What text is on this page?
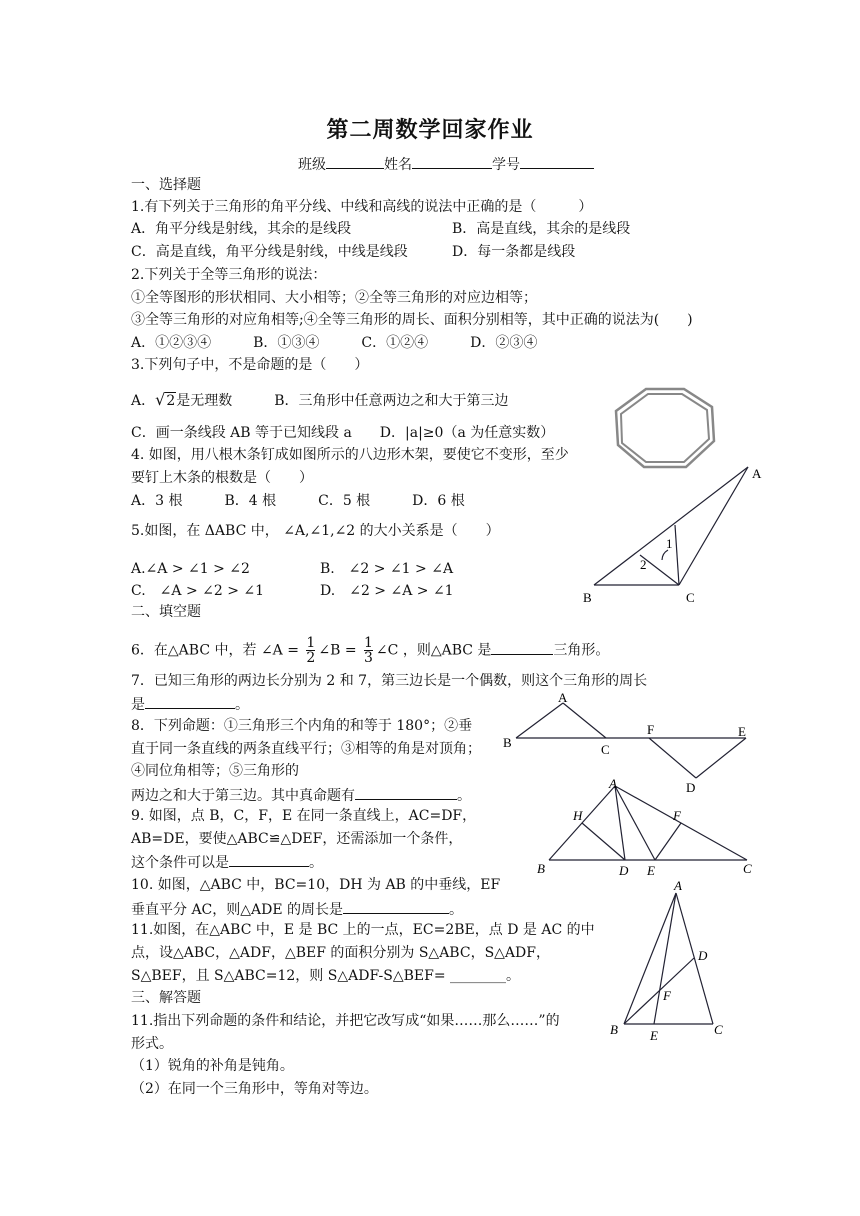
第二周数学回家作业
班级	姓名	学号
一、选择题
1.有下列关于三角形的角平分线、中线和高线的说法中正确的是（　　　）
A．角平分线是射线，其余的是线段	B．高是直线，其余的是线段
C．高是直线，角平分线是射线，中线是线段	D．每一条都是线段
2.下列关于全等三角形的说法：
①全等图形的形状相同、大小相等；②全等三角形的对应边相等；
③全等三角形的对应角相等;④全等三角形的周长、面积分别相等，其中正确的说法为(　　)
A．①②③④　　　B．①③④　　　C．①②④　　　D．②③④
3.下列句子中，不是命题的是（　　）
A．√2是无理数　　　B．三角形中任意两边之和大于第三边
C．画一条线段 AB 等于已知线段 a　　D．|a|≥0（a 为任意实数）
4. 如图，用八根木条钉成如图所示的八边形木架，要使它不变形，至少
要钉上木条的根数是（　　）
A．3 根　　　B．4 根　　　C．5 根　　　D．6 根
5.如图，在 ΔABC 中， ∠A,∠1,∠2 的大小关系是（　　）
A.∠A > ∠1 > ∠2　　　　　B.　∠2 > ∠1 > ∠A
C.　∠A > ∠2 > ∠1　　　　D.　∠2 > ∠A > ∠1
二、填空题
6．在△ABC 中，若 ∠A = $\frac{1}{2}$ ∠B = $\frac{1}{3}$ ∠C ，则△ABC 是	三角形。
7．已知三角形的两边长分别为 2 和 7，第三边长是一个偶数，则这个三角形的周长
是	。
8．下列命题：①三角形三个内角的和等于 180°；②垂
直于同一条直线的两条直线平行；③相等的角是对顶角；
④同位角相等；⑤三角形的
两边之和大于第三边。其中真命题有	。
9. 如图，点 B，C，F，E 在同一条直线上，AC=DF，
AB=DE，要使△ABC≌△DEF，还需添加一个条件，
这个条件可以是	。
10. 如图，△ABC 中，BC=10，DH 为 AB 的中垂线，EF
垂直平分 AC，则△ADE 的周长是	。
11.如图，在△ABC 中，E 是 BC 上的一点，EC=2BE，点 D 是 AC 的中
点，设△ABC，△ADF，△BEF 的面积分别为 S△ABC，S△ADF，
S△BEF，且 S△ABC=12，则 S△ADF-S△BEF= ________。
三、解答题
11.指出下列命题的条件和结论，并把它改写成“如果……那么……”的
形式。
（1）锐角的补角是钝角。
（2）在同一个三角形中，等角对等边。
A
B	C
1
2
A
B	C
F	E
D
A
H	F
B	D E	C
A
D
F
B E	C
